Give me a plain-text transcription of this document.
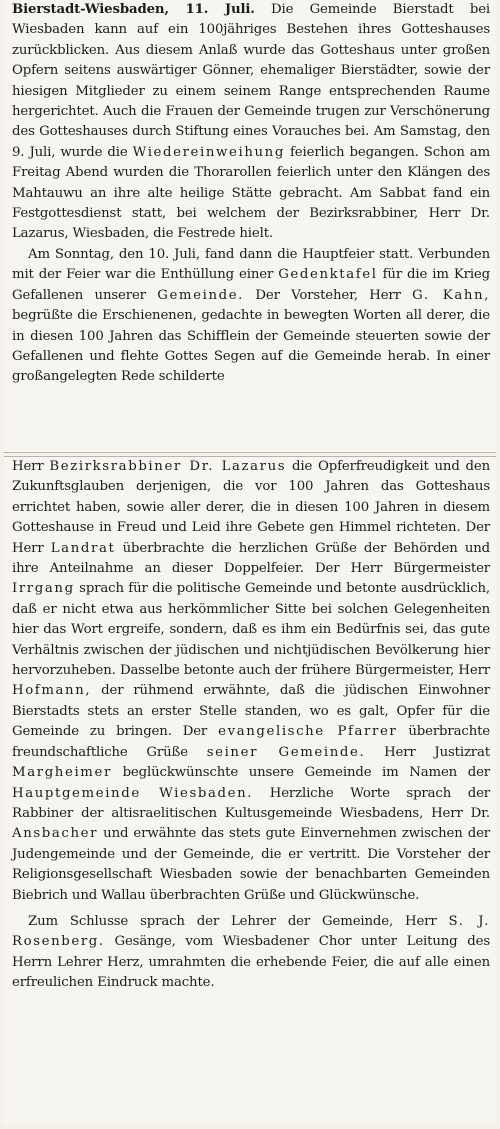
Bierstadt-Wiesbaden, 11. Juli. Die Gemeinde Bierstadt bei Wiesbaden kann auf ein 100jähriges Bestehen ihres Gotteshauses zurückblicken. Aus diesem Anlaß wurde das Gotteshaus unter großen Opfern seitens auswärtiger Gönner, ehemaliger Bierstädter, sowie der hiesigen Mitglieder zu einem seinem Range entsprechenden Raume hergerichtet. Auch die Frauen der Gemeinde trugen zur Verschönerung des Gotteshauses durch Stiftung eines Vorauches bei. Am Samstag, den 9. Juli, wurde die Wiedereinweihung feierlich begangen. Schon am Freitag Abend wurden die Thorarollen feierlich unter den Klängen des Mahtauwu an ihre alte heilige Stätte gebracht. Am Sabbat fand ein Festgottesdienst statt, bei welchem der Bezirksrabbiner, Herr Dr. Lazarus, Wiesbaden, die Festrede hielt.

Am Sonntag, den 10. Juli, fand dann die Hauptfeier statt. Verbunden mit der Feier war die Enthüllung einer Gedenktafel für die im Krieg Gefallenen unserer Gemeinde. Der Vorsteher, Herr G. Kahn, begrüßte die Erschienenen, gedachte in bewegten Worten all derer, die in diesen 100 Jahren das Schifflein der Gemeinde steuerten sowie der Gefallenen und flehte Gottes Segen auf die Gemeinde herab. In einer großangelegten Rede schilderte

Herr Bezirksrabbiner Dr. Lazarus die Opferfreudigkeit und den Zukunftsglauben derjenigen, die vor 100 Jahren das Gotteshaus errichtet haben, sowie aller derer, die in diesen 100 Jahren in diesem Gotteshause in Freud und Leid ihre Gebete gen Himmel richteten. Der Herr Landrat überbrachte die herzlichen Grüße der Behörden und ihre Anteilnahme an dieser Doppelfeier. Der Herr Bürgermeister Irrgang sprach für die politische Gemeinde und betonte ausdrücklich, daß er nicht etwa aus herkömmlicher Sitte bei solchen Gelegenheiten hier das Wort ergreife, sondern, daß es ihm ein Bedürfnis sei, das gute Verhältnis zwischen der jüdischen und nichtjüdischen Bevölkerung hier hervorzuheben. Dasselbe betonte auch der frühere Bürgermeister, Herr Hofmann, der rühmend erwähnte, daß die jüdischen Einwohner Bierstadts stets an erster Stelle standen, wo es galt, Opfer für die Gemeinde zu bringen. Der evangelische Pfarrer überbrachte freundschaftliche Grüße seiner Gemeinde. Herr Justizrat Margheimer beglückwünschte unsere Gemeinde im Namen der Hauptgemeinde Wiesbaden. Herzliche Worte sprach der Rabbiner der altisraelitischen Kultusgemeinde Wiesbadens, Herr Dr. Ansbacher und erwähnte das stets gute Einvernehmen zwischen der Judengemeinde und der Gemeinde, die er vertritt. Die Vorsteher der Religionsgesellschaft Wiesbaden sowie der benachbarten Gemeinden Biebrich und Wallau überbrachten Grüße und Glückwünsche.

Zum Schlusse sprach der Lehrer der Gemeinde, Herr S. J. Rosenberg. Gesänge, vom Wiesbadener Chor unter Leitung des Herrn Lehrer Herz, umrahmten die erhebende Feier, die auf alle einen erfreulichen Eindruck machte.
